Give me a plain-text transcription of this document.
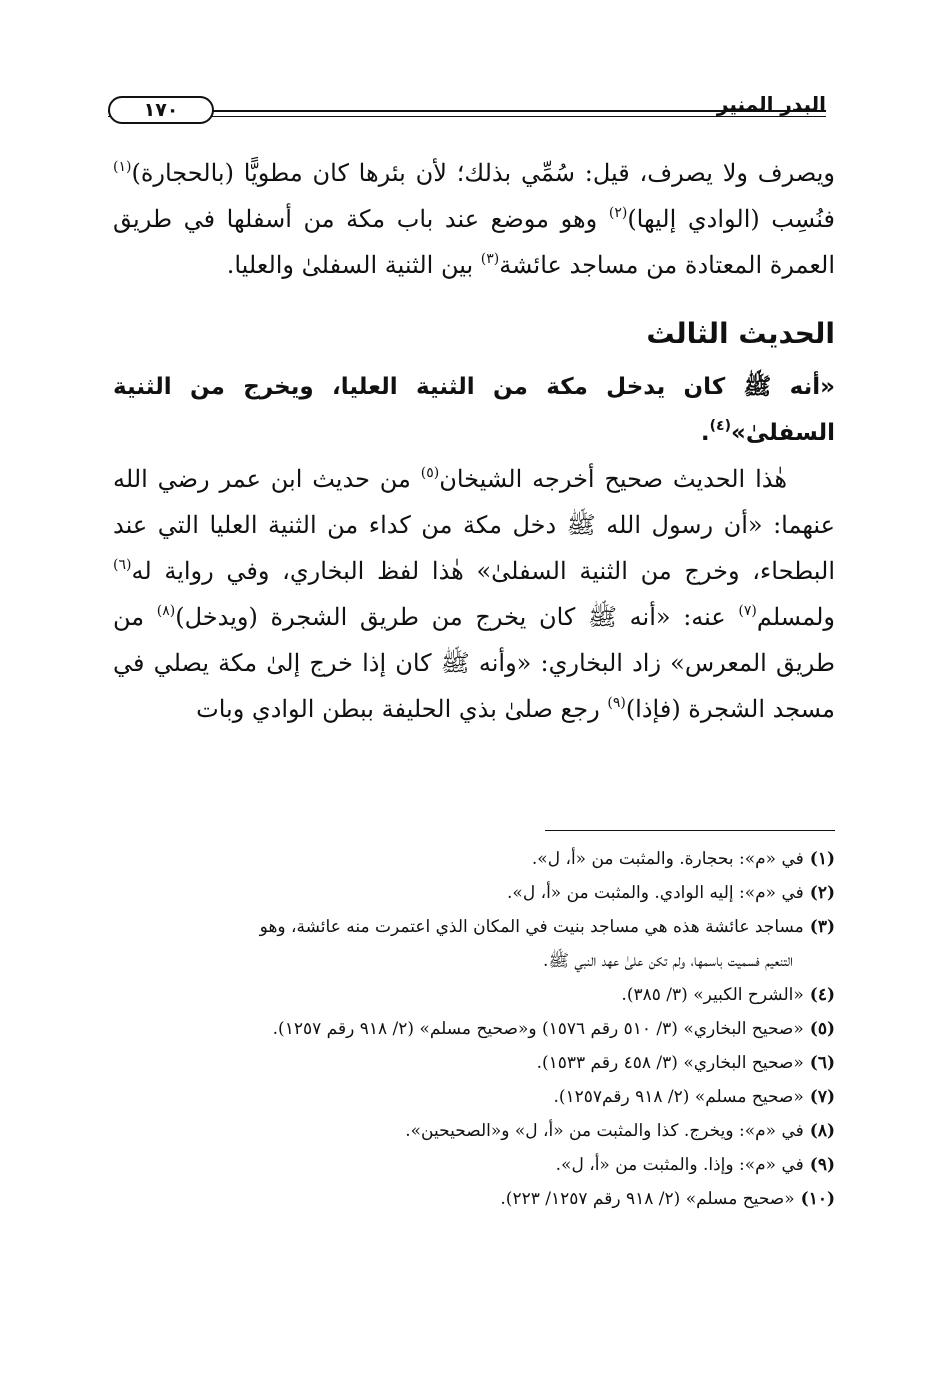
البدر المنير
١٧٠

ويصرف ولا يصرف، قيل: سُمِّي بذلك؛ لأن بئرها كان مطويًّا (بالحجارة)$^{(١)}$ فنُسِب (الوادي إليها)$^{(٢)}$ وهو موضع عند باب مكة من أسفلها في طريق العمرة المعتادة من مساجد عائشة$^{(٣)}$ بين الثنية السفلىٰ والعليا.

الحديث الثالث

«أنه ﷺ كان يدخل مكة من الثنية العليا، ويخرج من الثنية السفلىٰ»$^{(٤)}$.

هٰذا الحديث صحيح أخرجه الشيخان$^{(٥)}$ من حديث ابن عمر رضي الله عنهما: «أن رسول الله ﷺ دخل مكة من كداء من الثنية العليا التي عند البطحاء، وخرج من الثنية السفلىٰ» هٰذا لفظ البخاري، وفي رواية له$^{(٦)}$ ولمسلم$^{(٧)}$ عنه: «أنه ﷺ كان يخرج من طريق الشجرة (ويدخل)$^{(٨)}$ من طريق المعرس» زاد البخاري: «وأنه ﷺ كان إذا خرج إلىٰ مكة يصلي في مسجد الشجرة (فإذا)$^{(٩)}$ رجع صلىٰ بذي الحليفة ببطن الوادي وبات

(١)في «م»: بحجارة. والمثبت من «أ، ل».

(٢)في «م»: إليه الوادي. والمثبت من «أ، ل».

(٣)مساجد عائشة هذه هي مساجد بنيت في المكان الذي اعتمرت منه عائشة، وهو

التنعيم فسميت باسمها، ولم تكن علىٰ عهد النبي ﷺ.

(٤)«الشرح الكبير» (٣/ ٣٨٥).

(٥)«صحيح البخاري» (٣/ ٥١٠ رقم ١٥٧٦) و«صحيح مسلم» (٢/ ٩١٨ رقم ١٢٥٧).

(٦)«صحيح البخاري» (٣/ ٤٥٨ رقم ١٥٣٣).

(٧)«صحيح مسلم» (٢/ ٩١٨ رقم١٢٥٧).

(٨)في «م»: ويخرج. كذا والمثبت من «أ، ل» و«الصحيحين».

(٩)في «م»: وإذا. والمثبت من «أ، ل».

(١٠)«صحيح مسلم» (٢/ ٩١٨ رقم ١٢٥٧/ ٢٢٣).
